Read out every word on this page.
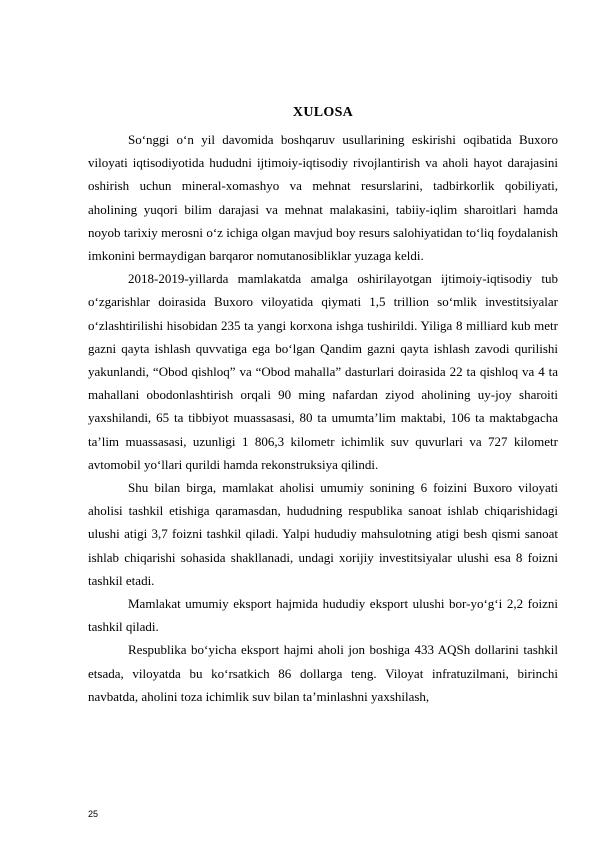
XULOSA

So‘nggi o‘n yil davomida boshqaruv usullarining eskirishi oqibatida Buxoro viloyati iqtisodiyotida hududni ijtimoiy-iqtisodiy rivojlantirish va aholi hayot darajasini oshirish uchun mineral-xomashyo va mehnat resurslarini, tadbirkorlik qobiliyati, aholining yuqori bilim darajasi va mehnat malakasini, tabiiy-iqlim sharoitlari hamda noyob tarixiy merosni o‘z ichiga olgan mavjud boy resurs salohiyatidan to‘liq foydalanish imkonini bermaydigan barqaror nomutanosibliklar yuzaga keldi.

2018-2019-yillarda mamlakatda amalga oshirilayotgan ijtimoiy-iqtisodiy tub o‘zgarishlar doirasida Buxoro viloyatida qiymati 1,5 trillion so‘mlik investitsiyalar o‘zlashtirilishi hisobidan 235 ta yangi korxona ishga tushirildi. Yiliga 8 milliard kub metr gazni qayta ishlash quvvatiga ega bo‘lgan Qandim gazni qayta ishlash zavodi qurilishi yakunlandi, “Obod qishloq” va “Obod mahalla” dasturlari doirasida 22 ta qishloq va 4 ta mahallani obodonlashtirish orqali 90 ming nafardan ziyod aholining uy-joy sharoiti yaxshilandi, 65 ta tibbiyot muassasasi, 80 ta umumta’lim maktabi, 106 ta maktabgacha ta’lim muassasasi, uzunligi 1 806,3 kilometr ichimlik suv quvurlari va 727 kilometr avtomobil yo‘llari qurildi hamda rekonstruksiya qilindi.

Shu bilan birga, mamlakat aholisi umumiy sonining 6 foizini Buxoro viloyati aholisi tashkil etishiga qaramasdan, hududning respublika sanoat ishlab chiqarishidagi ulushi atigi 3,7 foizni tashkil qiladi. Yalpi hududiy mahsulotning atigi besh qismi sanoat ishlab chiqarishi sohasida shakllanadi, undagi xorijiy investitsiyalar ulushi esa 8 foizni tashkil etadi.

Mamlakat umumiy eksport hajmida hududiy eksport ulushi bor-yo‘g‘i 2,2 foizni tashkil qiladi.

Respublika bo‘yicha eksport hajmi aholi jon boshiga 433 AQSh dollarini tashkil etsada, viloyatda bu ko‘rsatkich 86 dollarga teng. Viloyat infratuzilmani, birinchi navbatda, aholini toza ichimlik suv bilan ta’minlashni yaxshilash,

25
